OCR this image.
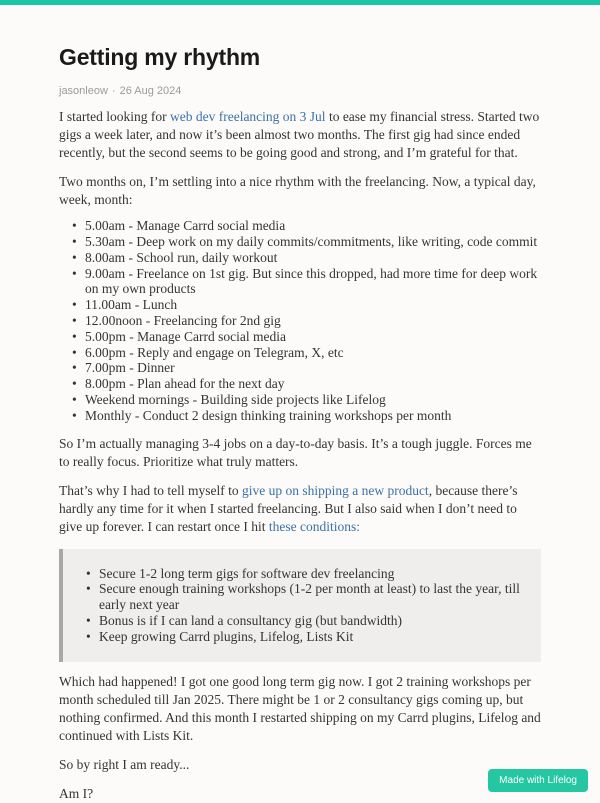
Getting my rhythm
jasonleow · 26 Aug 2024

I started looking for web dev freelancing on 3 Jul to ease my financial stress. Started two gigs a week later, and now it’s been almost two months. The first gig had since ended recently, but the second seems to be going good and strong, and I’m grateful for that.

Two months on, I’m settling into a nice rhythm with the freelancing. Now, a typical day, week, month:

• 5.00am - Manage Carrd social media
• 5.30am - Deep work on my daily commits/commitments, like writing, code commit
• 8.00am - School run, daily workout
• 9.00am - Freelance on 1st gig. But since this dropped, had more time for deep work on my own products
• 11.00am - Lunch
• 12.00noon - Freelancing for 2nd gig
• 5.00pm - Manage Carrd social media
• 6.00pm - Reply and engage on Telegram, X, etc
• 7.00pm - Dinner
• 8.00pm - Plan ahead for the next day
• Weekend mornings - Building side projects like Lifelog
• Monthly - Conduct 2 design thinking training workshops per month

So I’m actually managing 3-4 jobs on a day-to-day basis. It’s a tough juggle. Forces me to really focus. Prioritize what truly matters.

That’s why I had to tell myself to give up on shipping a new product, because there’s hardly any time for it when I started freelancing. But I also said when I don’t need to give up forever. I can restart once I hit these conditions:

• Secure 1-2 long term gigs for software dev freelancing
• Secure enough training workshops (1-2 per month at least) to last the year, till early next year
• Bonus is if I can land a consultancy gig (but bandwidth)
• Keep growing Carrd plugins, Lifelog, Lists Kit

Which had happened! I got one good long term gig now. I got 2 training workshops per month scheduled till Jan 2025. There might be 1 or 2 consultancy gigs coming up, but nothing confirmed. And this month I restarted shipping on my Carrd plugins, Lifelog and continued with Lists Kit.

So by right I am ready...

Am I?

Made with Lifelog
